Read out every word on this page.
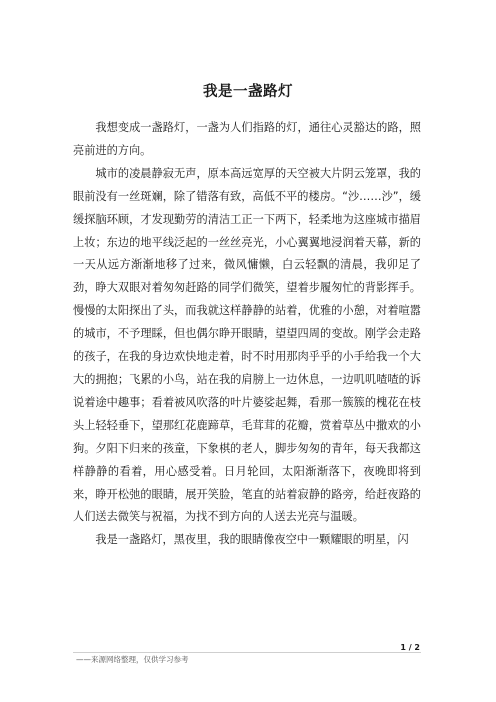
我是一盏路灯

我想变成一盏路灯，一盏为人们指路的灯，通往心灵豁达的路，照亮前进的方向。

城市的凌晨静寂无声，原本高远宽厚的天空被大片阴云笼罩，我的眼前没有一丝斑斓，除了错落有致，高低不平的楼房。“沙……沙”，缓缓探脑环顾，才发现勤劳的清洁工正一下两下，轻柔地为这座城市描眉上妆；东边的地平线泛起的一丝丝亮光，小心翼翼地浸润着天幕，新的一天从远方渐渐地移了过来，微风慵懒，白云轻飘的清晨，我卯足了劲，睁大双眼对着匆匆赶路的同学们微笑，望着步履匆忙的背影挥手。慢慢的太阳探出了头，而我就这样静静的站着，优雅的小憩，对着喧嚣的城市，不予理睬，但也偶尔睁开眼睛，望望四周的变故。刚学会走路的孩子，在我的身边欢快地走着，时不时用那肉乎乎的小手给我一个大大的拥抱；飞累的小鸟，站在我的肩膀上一边休息，一边叽叽喳喳的诉说着途中趣事；看着被风吹落的叶片婆娑起舞，看那一簇簇的槐花在枝头上轻轻垂下，望那红花鹿蹄草，毛茸茸的花瓣，赏着草丛中撒欢的小狗。夕阳下归来的孩童，下象棋的老人，脚步匆匆的青年，每天我都这样静静的看着，用心感受着。日月轮回，太阳渐渐落下，夜晚即将到来，睁开松弛的眼睛，展开笑脸，笔直的站着寂静的路旁，给赶夜路的人们送去微笑与祝福，为找不到方向的人送去光亮与温暖。

我是一盏路灯，黑夜里，我的眼睛像夜空中一颗耀眼的明星，闪

1 / 2
——来源网络整理，仅供学习参考
